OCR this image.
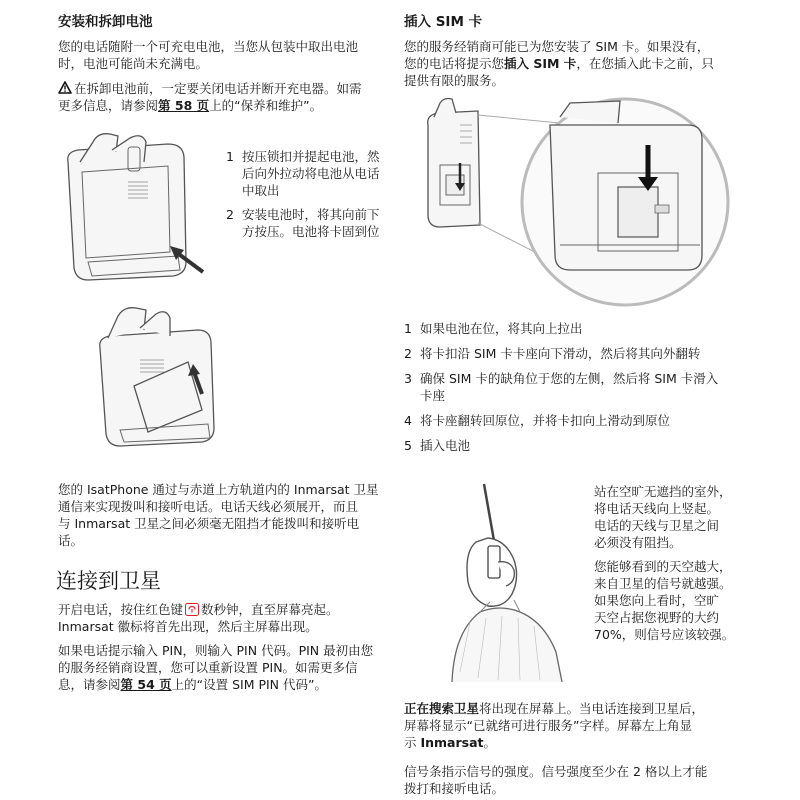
安装和拆卸电池
您的电话随附一个可充电电池，当您从包装中取出电池
时，电池可能尚未充满电。
在拆卸电池前，一定要关闭电话并断开充电器。如需
更多信息，请参阅第 58 页上的“保养和维护”。
1 按压锁扣并提起电池，然
后向外拉动将电池从电话
中取出
2 安装电池时，将其向前下
方按压。电池将卡固到位
您的 IsatPhone 通过与赤道上方轨道内的 Inmarsat 卫星
通信来实现拨叫和接听电话。电话天线必须展开，而且
与 Inmarsat 卫星之间必须毫无阻挡才能拨叫和接听电
话。
连接到卫星
开启电话，按住红色键 数秒钟，直至屏幕亮起。
Inmarsat 徽标将首先出现，然后主屏幕出现。
如果电话提示输入 PIN，则输入 PIN 代码。PIN 最初由您
的服务经销商设置，您可以重新设置 PIN。如需更多信
息，请参阅第 54 页上的“设置 SIM PIN 代码”。
插入 SIM 卡
您的服务经销商可能已为您安装了 SIM 卡。如果没有，
您的电话将提示您插入 SIM 卡，在您插入此卡之前，只
提供有限的服务。
1 如果电池在位，将其向上拉出
2 将卡扣沿 SIM 卡卡座向下滑动，然后将其向外翻转
3 确保 SIM 卡的缺角位于您的左侧，然后将 SIM 卡滑入
卡座
4 将卡座翻转回原位，并将卡扣向上滑动到原位
5 插入电池
站在空旷无遮挡的室外，
将电话天线向上竖起。
电话的天线与卫星之间
必须没有阻挡。
您能够看到的天空越大，
来自卫星的信号就越强。
如果您向上看时，空旷
天空占据您视野的大约
70%，则信号应该较强。
正在搜索卫星将出现在屏幕上。当电话连接到卫星后，
屏幕将显示“已就绪可进行服务”字样。屏幕左上角显
示 Inmarsat。
信号条指示信号的强度。信号强度至少在 2 格以上才能
拨打和接听电话。
